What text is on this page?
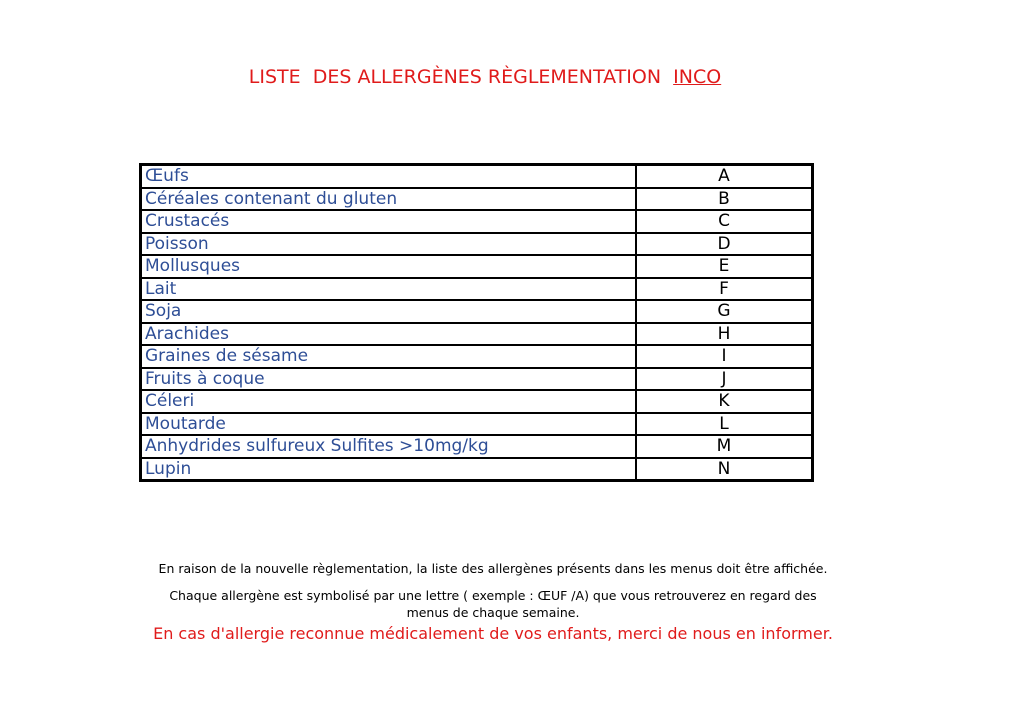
LISTE  DES ALLERGÈNES RÈGLEMENTATION  INCO
Œufs	A
Céréales contenant du gluten	B
Crustacés	C
Poisson	D
Mollusques	E
Lait	F
Soja	G
Arachides	H
Graines de sésame	I
Fruits à coque	J
Céleri	K
Moutarde	L
Anhydrides sulfureux Sulfites >10mg/kg	M
Lupin	N
En raison de la nouvelle règlementation, la liste des allergènes présents dans les menus doit être affichée.
Chaque allergène est symbolisé par une lettre ( exemple : ŒUF /A) que vous retrouverez en regard des
menus de chaque semaine.
En cas d'allergie reconnue médicalement de vos enfants, merci de nous en informer.
